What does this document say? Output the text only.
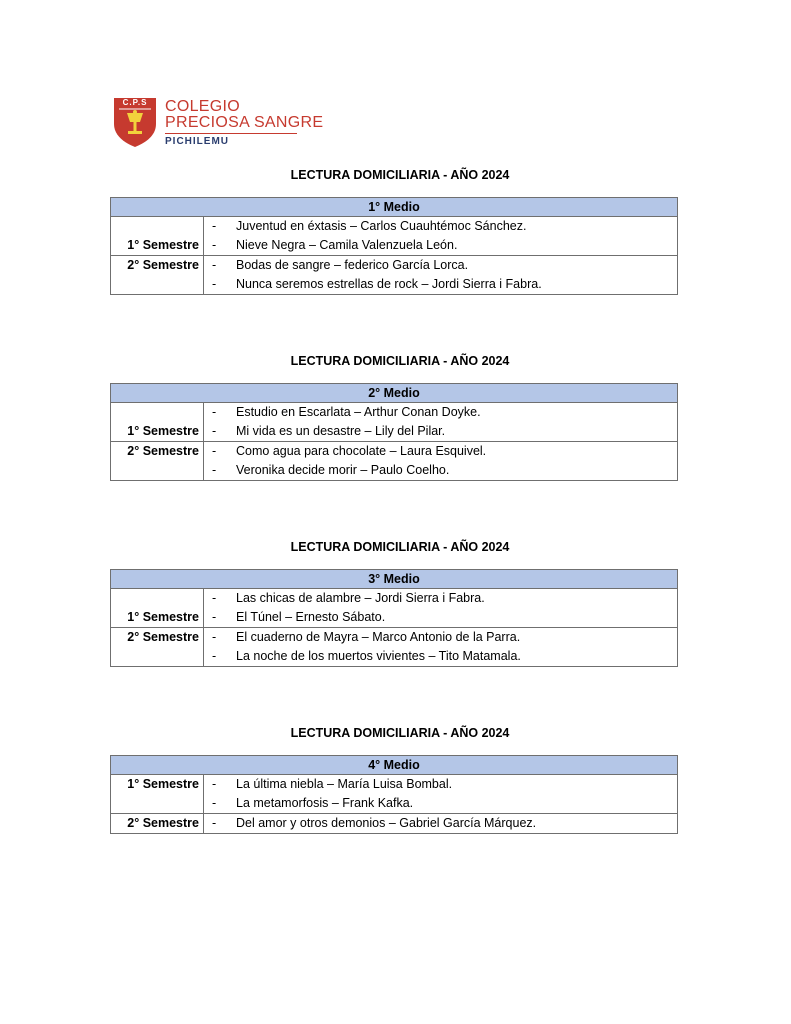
C.P.S COLEGIO
PRECIOSA SANGRE
PICHILEMU
LECTURA DOMICILIARIA - AÑO 2024
1° Medio	

1° Semestre	- Juventud en éxtasis – Carlos Cuauhtémoc Sánchez.
- Nieve Negra – Camila Valenzuela León.

2° Semestre	- Bodas de sangre – federico García Lorca.
- Nunca seremos estrellas de rock – Jordi Sierra i Fabra.
LECTURA DOMICILIARIA - AÑO 2024
2° Medio	

1° Semestre	- Estudio en Escarlata – Arthur Conan Doyke.
- Mi vida es un desastre – Lily del Pilar.

2° Semestre	- Como agua para chocolate – Laura Esquivel.
- Veronika decide morir – Paulo Coelho.
LECTURA DOMICILIARIA - AÑO 2024
3° Medio	

1° Semestre	- Las chicas de alambre – Jordi Sierra i Fabra.
- El Túnel – Ernesto Sábato.

2° Semestre	- El cuaderno de Mayra – Marco Antonio de la Parra.
- La noche de los muertos vivientes – Tito Matamala.
LECTURA DOMICILIARIA - AÑO 2024
4° Medio	

1° Semestre	- La última niebla – María Luisa Bombal.
- La metamorfosis – Frank Kafka.

2° Semestre	- Del amor y otros demonios – Gabriel García Márquez.
